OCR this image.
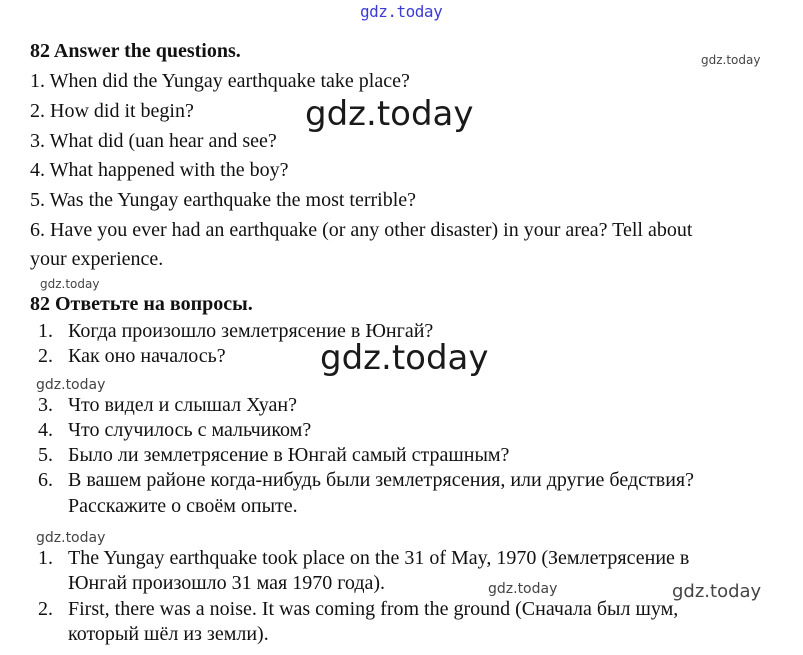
gdz.today
gdz.today
gdz.today
gdz.today
gdz.today
gdz.today
gdz.today
gdz.today	gdz.today
82 Answer the questions.
1. When did the Yungay earthquake take place?
2. How did it begin?
3. What did (uan hear and see?
4. What happened with the boy?
5. Was the Yungay earthquake the most terrible?
6. Have you ever had an earthquake (or any other disaster) in your area? Tell about
your experience.
82 Ответьте на вопросы.
1. Когда произошло землетрясение в Юнгай?
2. Как оно началось?
3. Что видел и слышал Хуан?
4. Что случилось с мальчиком?
5. Было ли землетрясение в Юнгай самый страшным?
6. В вашем районе когда-нибудь были землетрясения, или другие бедствия?
Расскажите о своём опыте.
1. The Yungay earthquake took place on the 31 of May, 1970 (Землетрясение в
Юнгай произошло 31 мая 1970 года).
2. First, there was a noise. It was coming from the ground (Сначала был шум,
который шёл из земли).
